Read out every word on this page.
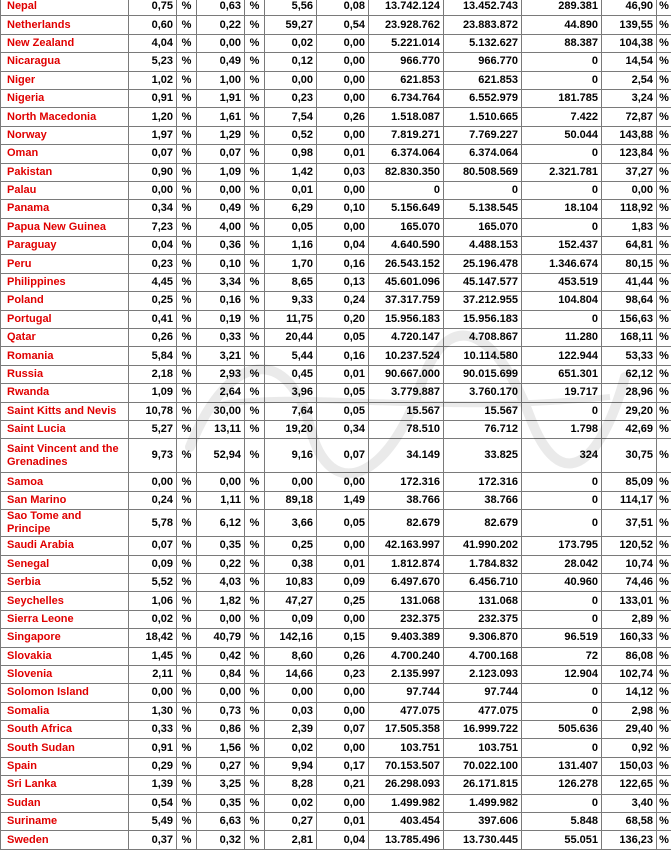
Nepal	0,75	%	0,63	%	5,56	0,08	13.742.124	13.452.743	289.381	46,90	%
Netherlands	0,60	%	0,22	%	59,27	0,54	23.928.762	23.883.872	44.890	139,55	%
New Zealand	4,04	%	0,00	%	0,02	0,00	5.221.014	5.132.627	88.387	104,38	%
Nicaragua	5,23	%	0,49	%	0,12	0,00	966.770	966.770	0	14,54	%
Niger	1,02	%	1,00	%	0,00	0,00	621.853	621.853	0	2,54	%
Nigeria	0,91	%	1,91	%	0,23	0,00	6.734.764	6.552.979	181.785	3,24	%
North Macedonia	1,20	%	1,61	%	7,54	0,26	1.518.087	1.510.665	7.422	72,87	%
Norway	1,97	%	1,29	%	0,52	0,00	7.819.271	7.769.227	50.044	143,88	%
Oman	0,07	%	0,07	%	0,98	0,01	6.374.064	6.374.064	0	123,84	%
Pakistan	0,90	%	1,09	%	1,42	0,03	82.830.350	80.508.569	2.321.781	37,27	%
Palau	0,00	%	0,00	%	0,01	0,00	0	0	0	0,00	%
Panama	0,34	%	0,49	%	6,29	0,10	5.156.649	5.138.545	18.104	118,92	%
Papua New Guinea	7,23	%	4,00	%	0,05	0,00	165.070	165.070	0	1,83	%
Paraguay	0,04	%	0,36	%	1,16	0,04	4.640.590	4.488.153	152.437	64,81	%
Peru	0,23	%	0,10	%	1,70	0,16	26.543.152	25.196.478	1.346.674	80,15	%
Philippines	4,45	%	3,34	%	8,65	0,13	45.601.096	45.147.577	453.519	41,44	%
Poland	0,25	%	0,16	%	9,33	0,24	37.317.759	37.212.955	104.804	98,64	%
Portugal	0,41	%	0,19	%	11,75	0,20	15.956.183	15.956.183	0	156,63	%
Qatar	0,26	%	0,33	%	20,44	0,05	4.720.147	4.708.867	11.280	168,11	%
Romania	5,84	%	3,21	%	5,44	0,16	10.237.524	10.114.580	122.944	53,33	%
Russia	2,18	%	2,93	%	0,45	0,01	90.667.000	90.015.699	651.301	62,12	%
Rwanda	1,09	%	2,64	%	3,96	0,05	3.779.887	3.760.170	19.717	28,96	%
Saint Kitts and Nevis	10,78	%	30,00	%	7,64	0,05	15.567	15.567	0	29,20	%
Saint Lucia	5,27	%	13,11	%	19,20	0,34	78.510	76.712	1.798	42,69	%
Saint Vincent and the Grenadines	9,73	%	52,94	%	9,16	0,07	34.149	33.825	324	30,75	%
Samoa	0,00	%	0,00	%	0,00	0,00	172.316	172.316	0	85,09	%
San Marino	0,24	%	1,11	%	89,18	1,49	38.766	38.766	0	114,17	%
Sao Tome and Principe	5,78	%	6,12	%	3,66	0,05	82.679	82.679	0	37,51	%
Saudi Arabia	0,07	%	0,35	%	0,25	0,00	42.163.997	41.990.202	173.795	120,52	%
Senegal	0,09	%	0,22	%	0,38	0,01	1.812.874	1.784.832	28.042	10,74	%
Serbia	5,52	%	4,03	%	10,83	0,09	6.497.670	6.456.710	40.960	74,46	%
Seychelles	1,06	%	1,82	%	47,27	0,25	131.068	131.068	0	133,01	%
Sierra Leone	0,02	%	0,00	%	0,09	0,00	232.375	232.375	0	2,89	%
Singapore	18,42	%	40,79	%	142,16	0,15	9.403.389	9.306.870	96.519	160,33	%
Slovakia	1,45	%	0,42	%	8,60	0,26	4.700.240	4.700.168	72	86,08	%
Slovenia	2,11	%	0,84	%	14,66	0,23	2.135.997	2.123.093	12.904	102,74	%
Solomon Island	0,00	%	0,00	%	0,00	0,00	97.744	97.744	0	14,12	%
Somalia	1,30	%	0,73	%	0,03	0,00	477.075	477.075	0	2,98	%
South Africa	0,33	%	0,86	%	2,39	0,07	17.505.358	16.999.722	505.636	29,40	%
South Sudan	0,91	%	1,56	%	0,02	0,00	103.751	103.751	0	0,92	%
Spain	0,29	%	0,27	%	9,94	0,17	70.153.507	70.022.100	131.407	150,03	%
Sri Lanka	1,39	%	3,25	%	8,28	0,21	26.298.093	26.171.815	126.278	122,65	%
Sudan	0,54	%	0,35	%	0,02	0,00	1.499.982	1.499.982	0	3,40	%
Suriname	5,49	%	6,63	%	0,27	0,01	403.454	397.606	5.848	68,58	%
Sweden	0,37	%	0,32	%	2,81	0,04	13.785.496	13.730.445	55.051	136,23	%
